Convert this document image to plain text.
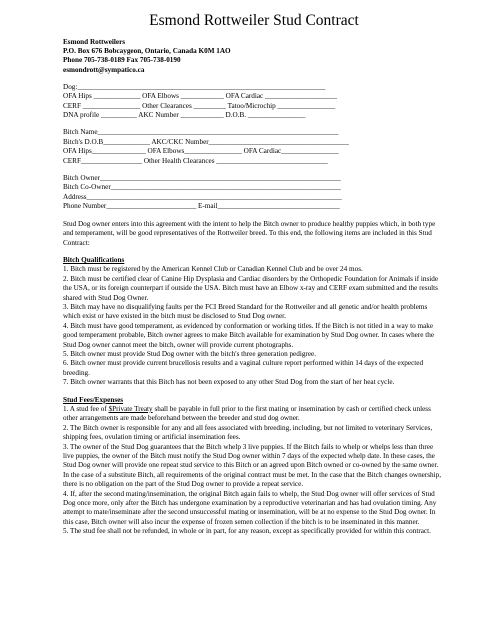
Esmond Rottweiler Stud Contract
Esmond Rottweilers
P.O. Box 676 Bobcaygeon, Ontario, Canada K0M 1AO
Phone 705-738-0189 Fax 705-738-0190
esmondrott@sympatico.ca
Dog:_____________________________________________________________________
OFA Hips _____________ OFA Elbows ____________ OFA Cardiac ____________________
CERF ________________ Other Clearances _________ Tatoo/Microchip ________________
DNA profile __________ AKC Number ____________ D.O.B. ________________
Bitch Name___________________________________________________________________
Bitch's D.O.B_____________ AKC/CKC Number_______________________________________
OFA Hips_______________ OFA Elbows________________ OFA Cardiac________________
CERF_________________ Other Health Clearances _______________________________
Bitch Owner___________________________________________________________________
Bitch Co-Owner________________________________________________________________
Address_______________________________________________________________________
Phone Number_________________________ E-mail__________________________________

Stud Dog owner enters into this agreement with the intent to help the Bitch owner to produce healthy puppies which, in both type and temperament, will be good representatives of the Rottweiler breed. To this end, the following items are included in this Stud Contract:

Bitch Qualifications

1. Bitch must be registered by the American Kennel Club or Canadian Kennel Club and be over 24 mos.

2. Bitch must be certified clear of Canine Hip Dysplasia and Cardiac disorders by the Orthopedic Foundation for Animals if inside the USA, or its foreign counterpart if outside the USA. Bitch must have an Elbow x-ray and CERF exam submitted and the results shared with Stud Dog Owner.

3. Bitch may have no disqualifying faults per the FCI Breed Standard for the Rottweiler and all genetic and/or health problems which exist or have existed in the bitch must be disclosed to Stud Dog owner.

4. Bitch must have good temperament, as evidenced by conformation or working titles. If the Bitch is not titled in a way to make good temperament probable, Bitch owner agrees to make Bitch available for examination by Stud Dog owner. In cases where the Stud Dog owner cannot meet the bitch, owner will provide current photographs.

5. Bitch owner must provide Stud Dog owner with the bitch's three generation pedigree.

6. Bitch owner must provide current brucellosis results and a vaginal culture report performed within 14 days of the expected breeding.

7. Bitch owner warrants that this Bitch has not been exposed to any other Stud Dog from the start of her heat cycle.

Stud Fees/Expenses

1. A stud fee of $Private Treaty shall be payable in full prior to the first mating or insemination by cash or certified check unless other arrangements are made beforehand between the breeder and stud dog owner.

2. The Bitch owner is responsible for any and all fees associated with breeding, including, but not limited to veterinary Services, shipping fees, ovulation timing or artificial insemination fees.

3. The owner of the Stud Dog guarantees that the Bitch whelp 3 live puppies. If the Bitch fails to whelp or whelps less than three live puppies, the owner of the Bitch must notify the Stud Dog owner within 7 days of the expected whelp date. In these cases, the Stud Dog owner will provide one repeat stud service to this Bitch or an agreed upon Bitch owned or co-owned by the same owner. In the case of a substitute Bitch, all requirements of the original contract must be met. In the case that the Bitch changes ownership, there is no obligation on the part of the Stud Dog owner to provide a repeat service.

4. If, after the second mating/insemination, the original Bitch again fails to whelp, the Stud Dog owner will offer services of Stud Dog once more, only after the Bitch has undergone examination by a reproductive veterinarian and has had ovulation timing. Any attempt to mate/inseminate after the second unsuccessful mating or insemination, will be at no expense to the Stud Dog owner. In this case, Bitch owner will also incur the expense of frozen semen collection if the bitch is to be inseminated in this manner.

5. The stud fee shall not be refunded, in whole or in part, for any reason, except as specifically provided for within this contract.
